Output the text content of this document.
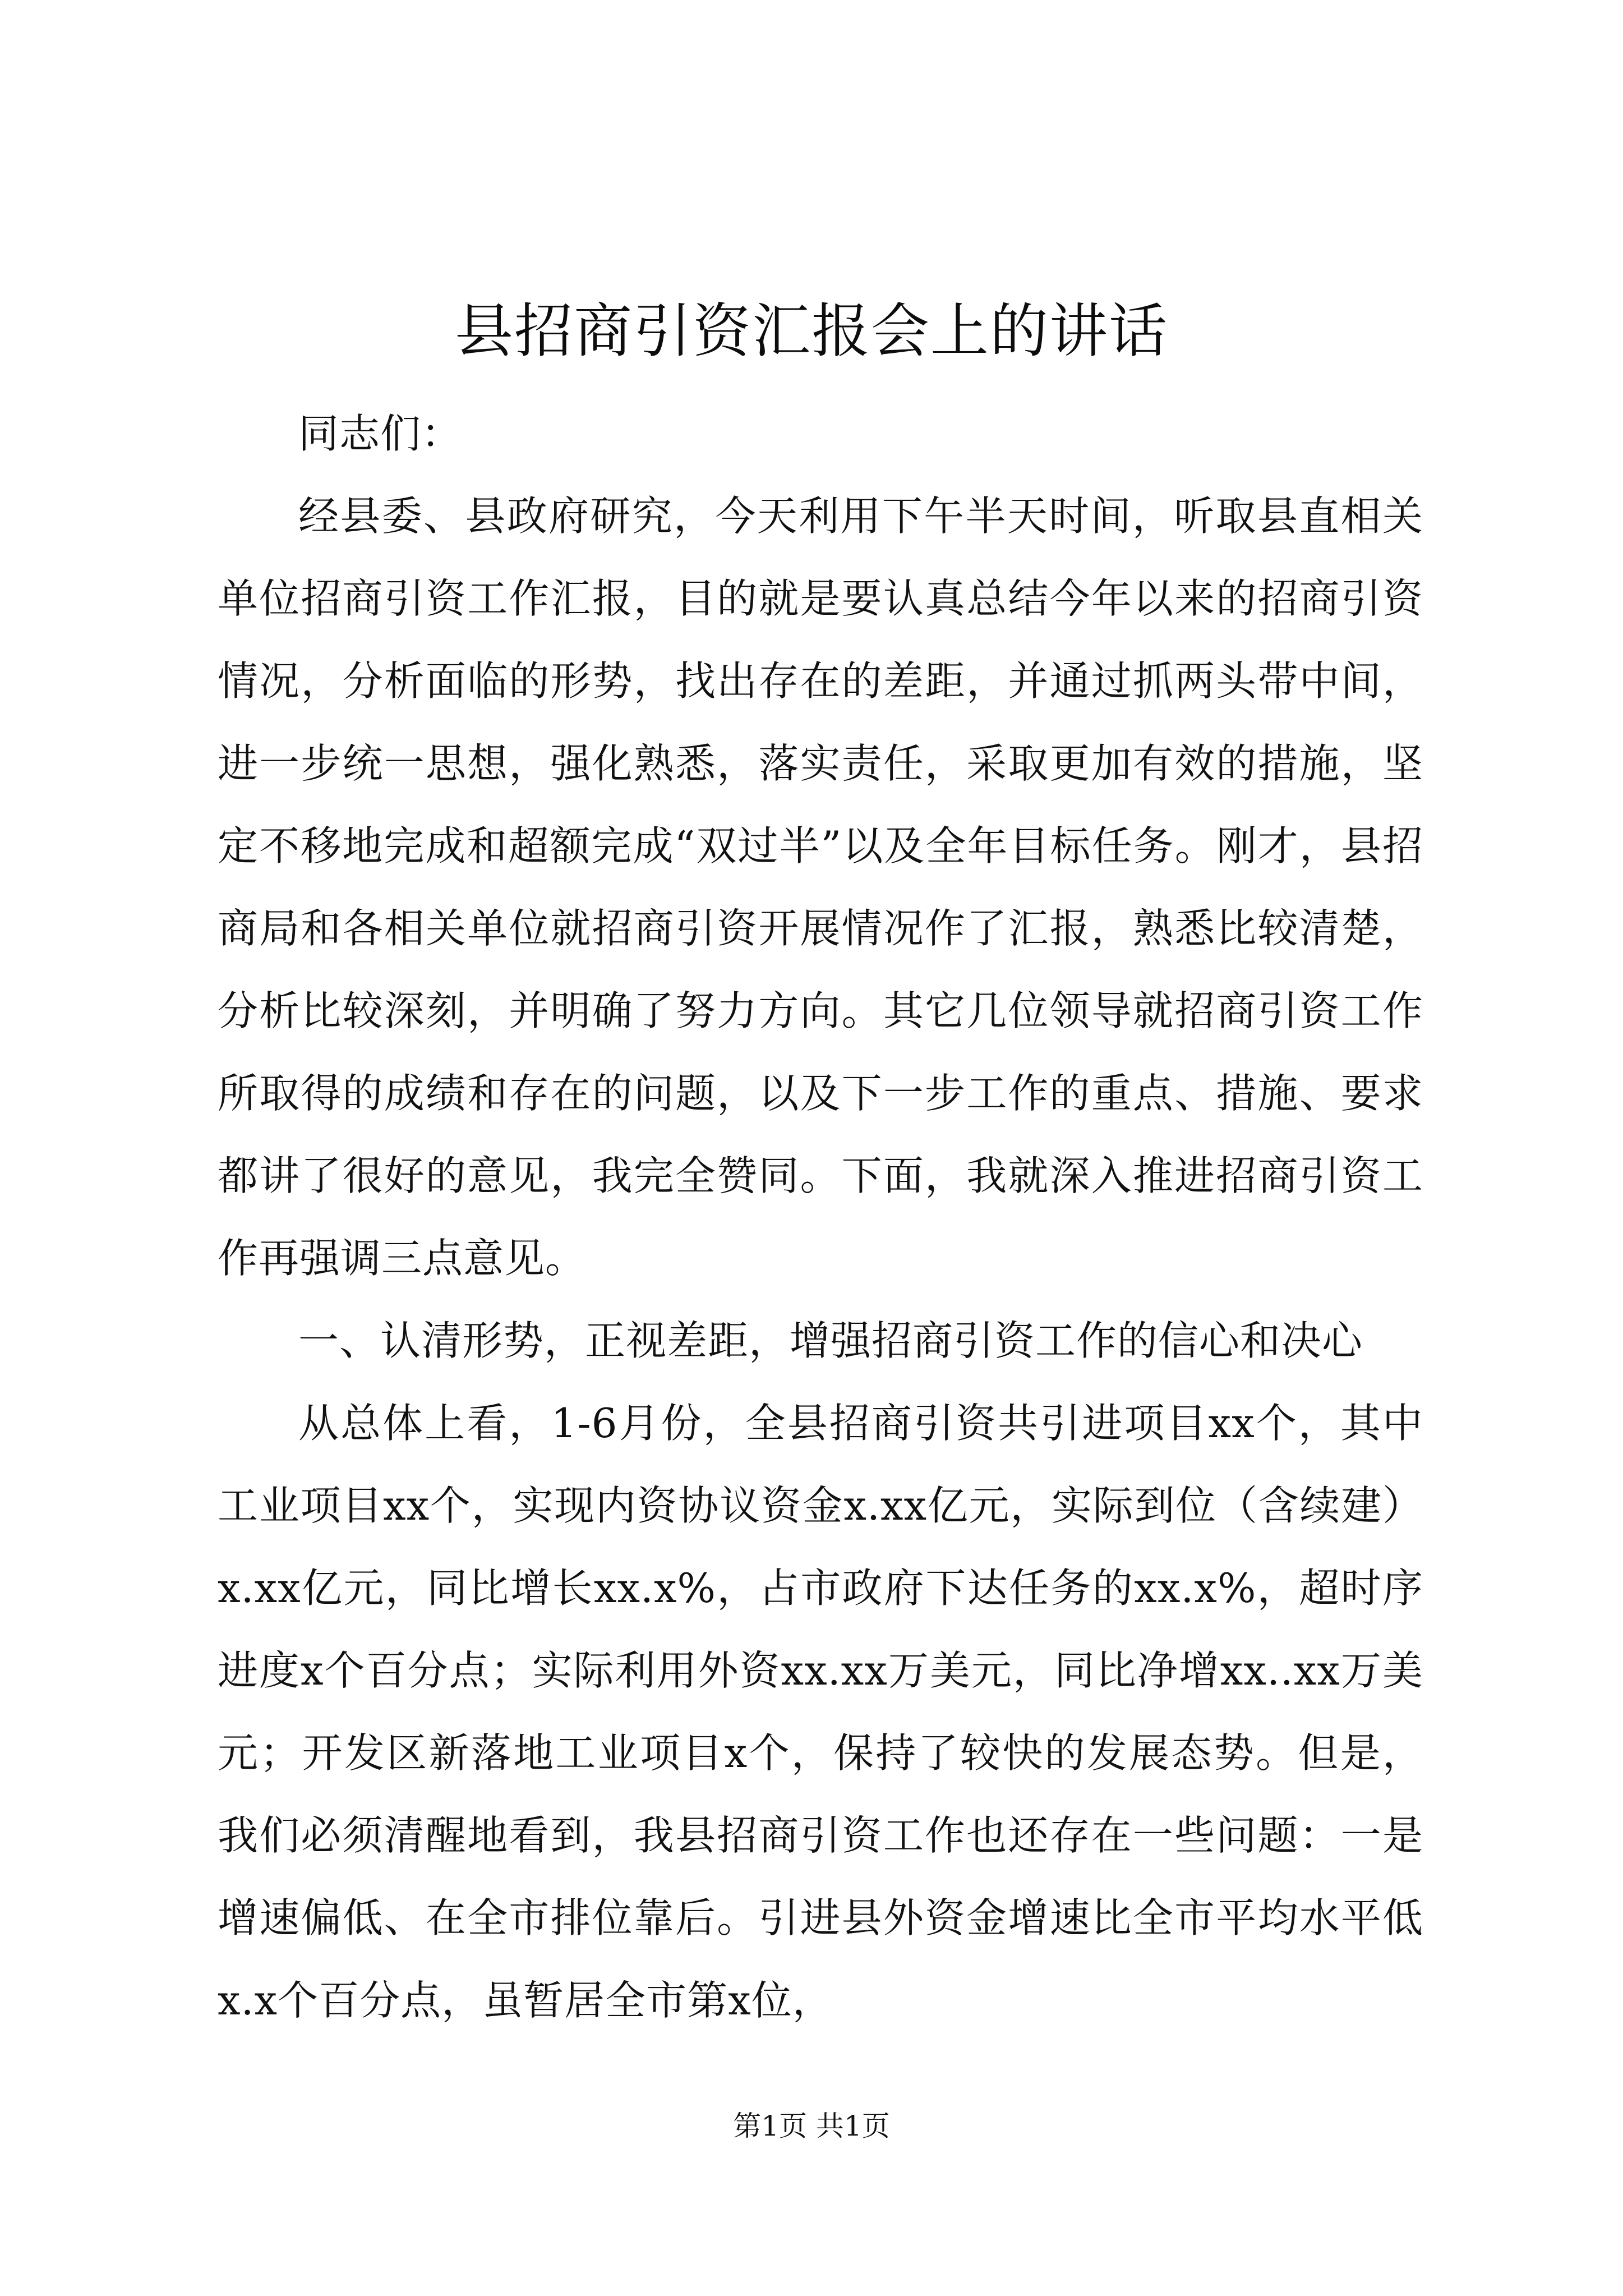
县招商引资汇报会上的讲话

同志们：

经县委、县政府研究，今天利用下午半天时间，听取县直相关单位招商引资工作汇报，目的就是要认真总结今年以来的招商引资情况，分析面临的形势，找出存在的差距，并通过抓两头带中间，进一步统一思想，强化熟悉，落实责任，采取更加有效的措施，坚定不移地完成和超额完成“双过半”以及全年目标任务。刚才，县招商局和各相关单位就招商引资开展情况作了汇报，熟悉比较清楚，分析比较深刻，并明确了努力方向。其它几位领导就招商引资工作所取得的成绩和存在的问题，以及下一步工作的重点、措施、要求都讲了很好的意见，我完全赞同。下面，我就深入推进招商引资工作再强调三点意见。

一、认清形势，正视差距，增强招商引资工作的信心和决心

从总体上看，1-6月份，全县招商引资共引进项目xx个，其中工业项目xx个，实现内资协议资金x.xx亿元，实际到位（含续建）x.xx亿元，同比增长xx.x%，占市政府下达任务的xx.x%，超时序进度x个百分点；实际利用外资xx.xx万美元，同比净增xx..xx万美元；开发区新落地工业项目x个，保持了较快的发展态势。但是，我们必须清醒地看到，我县招商引资工作也还存在一些问题：一是增速偏低、在全市排位靠后。引进县外资金增速比全市平均水平低x.x个百分点，虽暂居全市第x位，

第1页 共1页
